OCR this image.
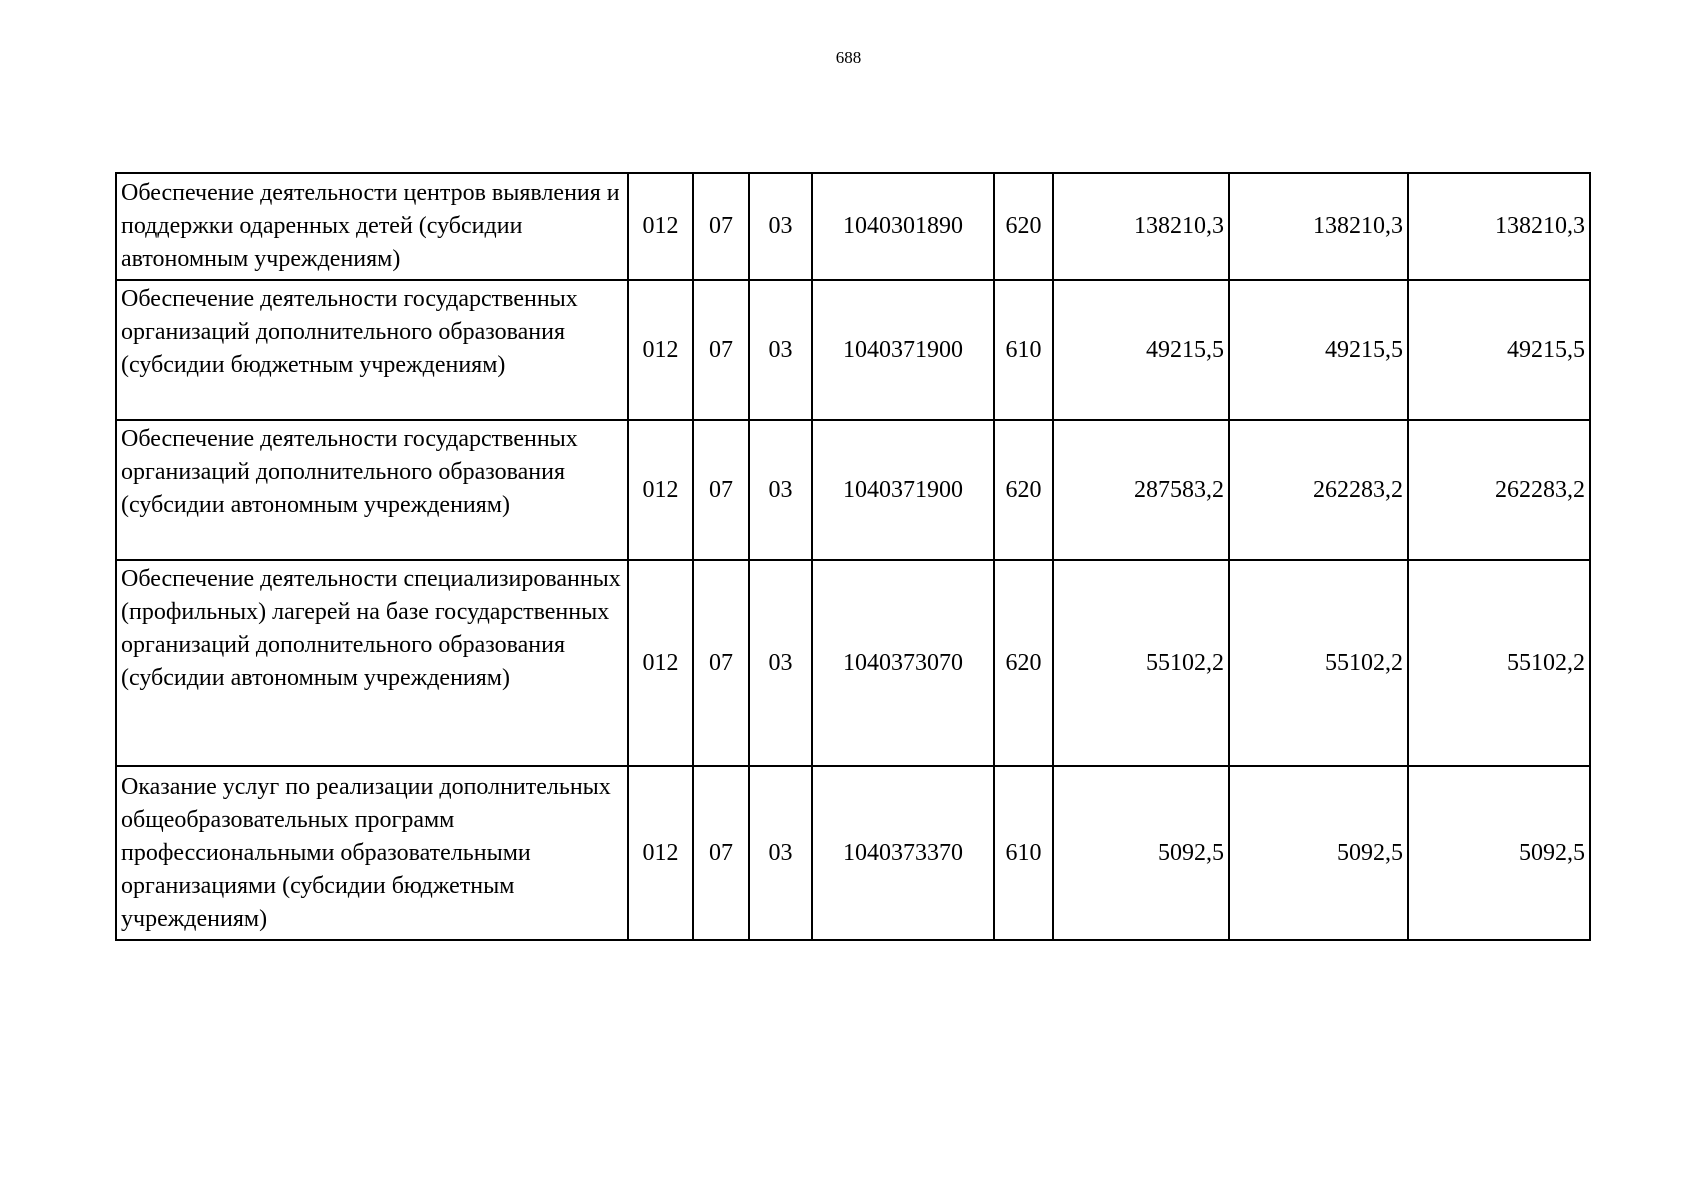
688
Обеспечение деятельности центров выявления и поддержки одаренных детей (субсидии автономным учреждениям)	012	07	03	1040301890	620	138210,3	138210,3	138210,3
Обеспечение деятельности государственных организаций дополнительного образования (субсидии бюджетным учреждениям)	012	07	03	1040371900	610	49215,5	49215,5	49215,5
Обеспечение деятельности государственных организаций дополнительного образования (субсидии автономным учреждениям)	012	07	03	1040371900	620	287583,2	262283,2	262283,2
Обеспечение деятельности специализированных (профильных) лагерей на базе государственных организаций дополнительного образования (субсидии автономным учреждениям)	012	07	03	1040373070	620	55102,2	55102,2	55102,2
Оказание услуг по реализации дополнительных общеобразовательных программ профессиональными образовательными организациями (субсидии бюджетным учреждениям)	012	07	03	1040373370	610	5092,5	5092,5	5092,5
